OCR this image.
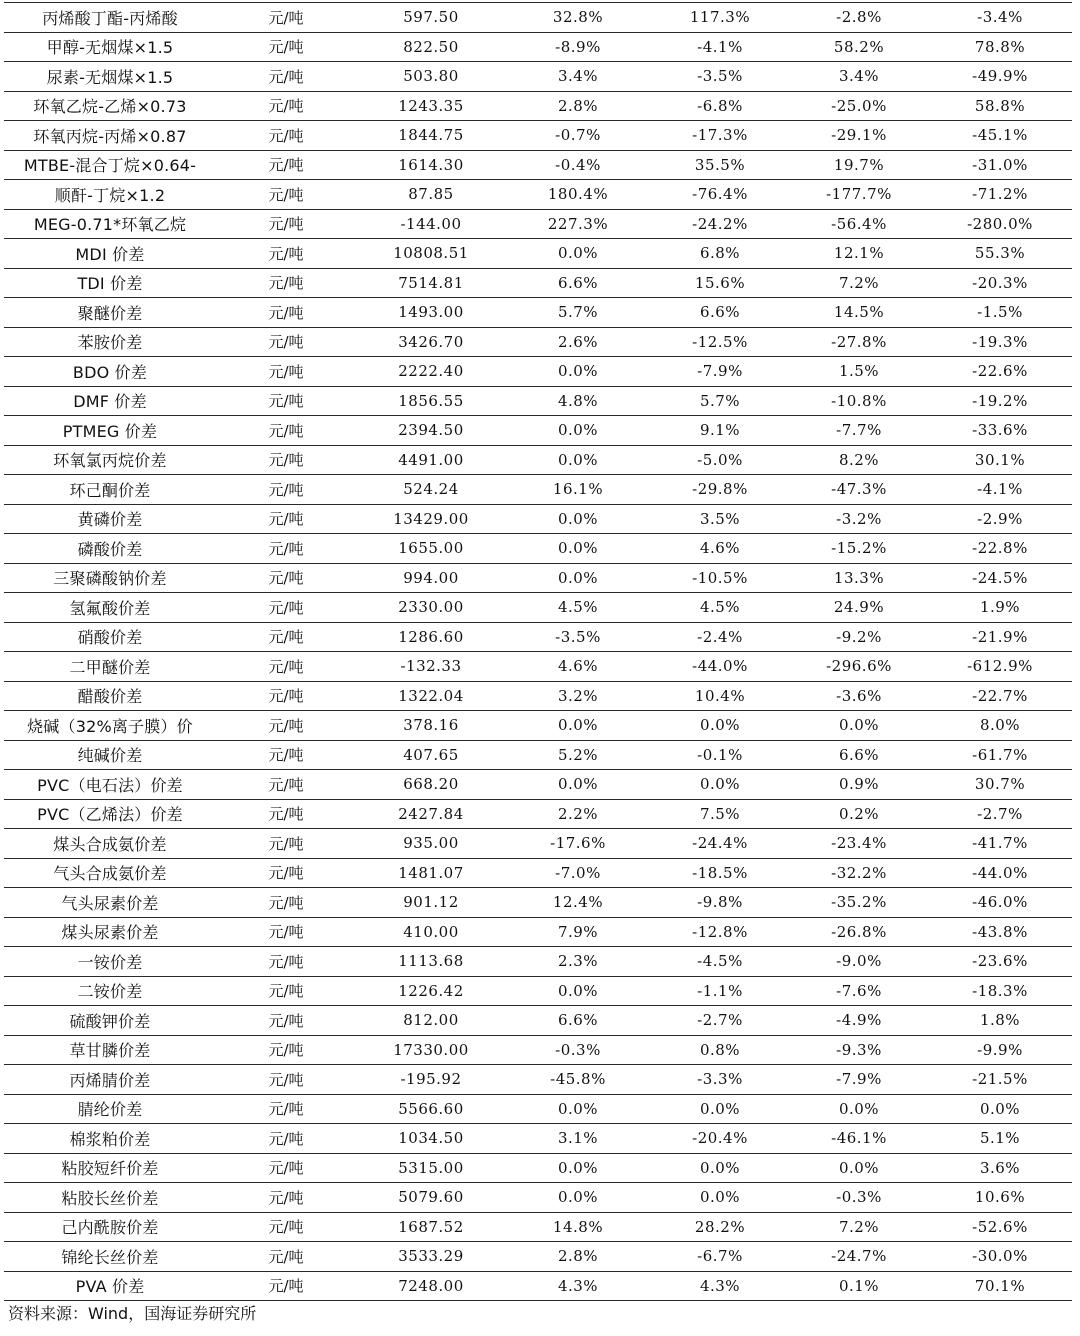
丙烯酸丁酯-丙烯酸	元/吨	597.50	32.8%	117.3%	-2.8%	-3.4%
甲醇-无烟煤×1.5	元/吨	822.50	-8.9%	-4.1%	58.2%	78.8%
尿素-无烟煤×1.5	元/吨	503.80	3.4%	-3.5%	3.4%	-49.9%
环氧乙烷-乙烯×0.73	元/吨	1243.35	2.8%	-6.8%	-25.0%	58.8%
环氧丙烷-丙烯×0.87	元/吨	1844.75	-0.7%	-17.3%	-29.1%	-45.1%
MTBE-混合丁烷×0.64-	元/吨	1614.30	-0.4%	35.5%	19.7%	-31.0%
顺酐-丁烷×1.2	元/吨	87.85	180.4%	-76.4%	-177.7%	-71.2%
MEG-0.71*环氧乙烷	元/吨	-144.00	227.3%	-24.2%	-56.4%	-280.0%
MDI 价差	元/吨	10808.51	0.0%	6.8%	12.1%	55.3%
TDI 价差	元/吨	7514.81	6.6%	15.6%	7.2%	-20.3%
聚醚价差	元/吨	1493.00	5.7%	6.6%	14.5%	-1.5%
苯胺价差	元/吨	3426.70	2.6%	-12.5%	-27.8%	-19.3%
BDO 价差	元/吨	2222.40	0.0%	-7.9%	1.5%	-22.6%
DMF 价差	元/吨	1856.55	4.8%	5.7%	-10.8%	-19.2%
PTMEG 价差	元/吨	2394.50	0.0%	9.1%	-7.7%	-33.6%
环氧氯丙烷价差	元/吨	4491.00	0.0%	-5.0%	8.2%	30.1%
环己酮价差	元/吨	524.24	16.1%	-29.8%	-47.3%	-4.1%
黄磷价差	元/吨	13429.00	0.0%	3.5%	-3.2%	-2.9%
磷酸价差	元/吨	1655.00	0.0%	4.6%	-15.2%	-22.8%
三聚磷酸钠价差	元/吨	994.00	0.0%	-10.5%	13.3%	-24.5%
氢氟酸价差	元/吨	2330.00	4.5%	4.5%	24.9%	1.9%
硝酸价差	元/吨	1286.60	-3.5%	-2.4%	-9.2%	-21.9%
二甲醚价差	元/吨	-132.33	4.6%	-44.0%	-296.6%	-612.9%
醋酸价差	元/吨	1322.04	3.2%	10.4%	-3.6%	-22.7%
烧碱（32%离子膜）价	元/吨	378.16	0.0%	0.0%	0.0%	8.0%
纯碱价差	元/吨	407.65	5.2%	-0.1%	6.6%	-61.7%
PVC（电石法）价差	元/吨	668.20	0.0%	0.0%	0.9%	30.7%
PVC（乙烯法）价差	元/吨	2427.84	2.2%	7.5%	0.2%	-2.7%
煤头合成氨价差	元/吨	935.00	-17.6%	-24.4%	-23.4%	-41.7%
气头合成氨价差	元/吨	1481.07	-7.0%	-18.5%	-32.2%	-44.0%
气头尿素价差	元/吨	901.12	12.4%	-9.8%	-35.2%	-46.0%
煤头尿素价差	元/吨	410.00	7.9%	-12.8%	-26.8%	-43.8%
一铵价差	元/吨	1113.68	2.3%	-4.5%	-9.0%	-23.6%
二铵价差	元/吨	1226.42	0.0%	-1.1%	-7.6%	-18.3%
硫酸钾价差	元/吨	812.00	6.6%	-2.7%	-4.9%	1.8%
草甘膦价差	元/吨	17330.00	-0.3%	0.8%	-9.3%	-9.9%
丙烯腈价差	元/吨	-195.92	-45.8%	-3.3%	-7.9%	-21.5%
腈纶价差	元/吨	5566.60	0.0%	0.0%	0.0%	0.0%
棉浆粕价差	元/吨	1034.50	3.1%	-20.4%	-46.1%	5.1%
粘胶短纤价差	元/吨	5315.00	0.0%	0.0%	0.0%	3.6%
粘胶长丝价差	元/吨	5079.60	0.0%	0.0%	-0.3%	10.6%
己内酰胺价差	元/吨	1687.52	14.8%	28.2%	7.2%	-52.6%
锦纶长丝价差	元/吨	3533.29	2.8%	-6.7%	-24.7%	-30.0%
PVA 价差	元/吨	7248.00	4.3%	4.3%	0.1%	70.1%
资料来源：Wind，国海证券研究所
